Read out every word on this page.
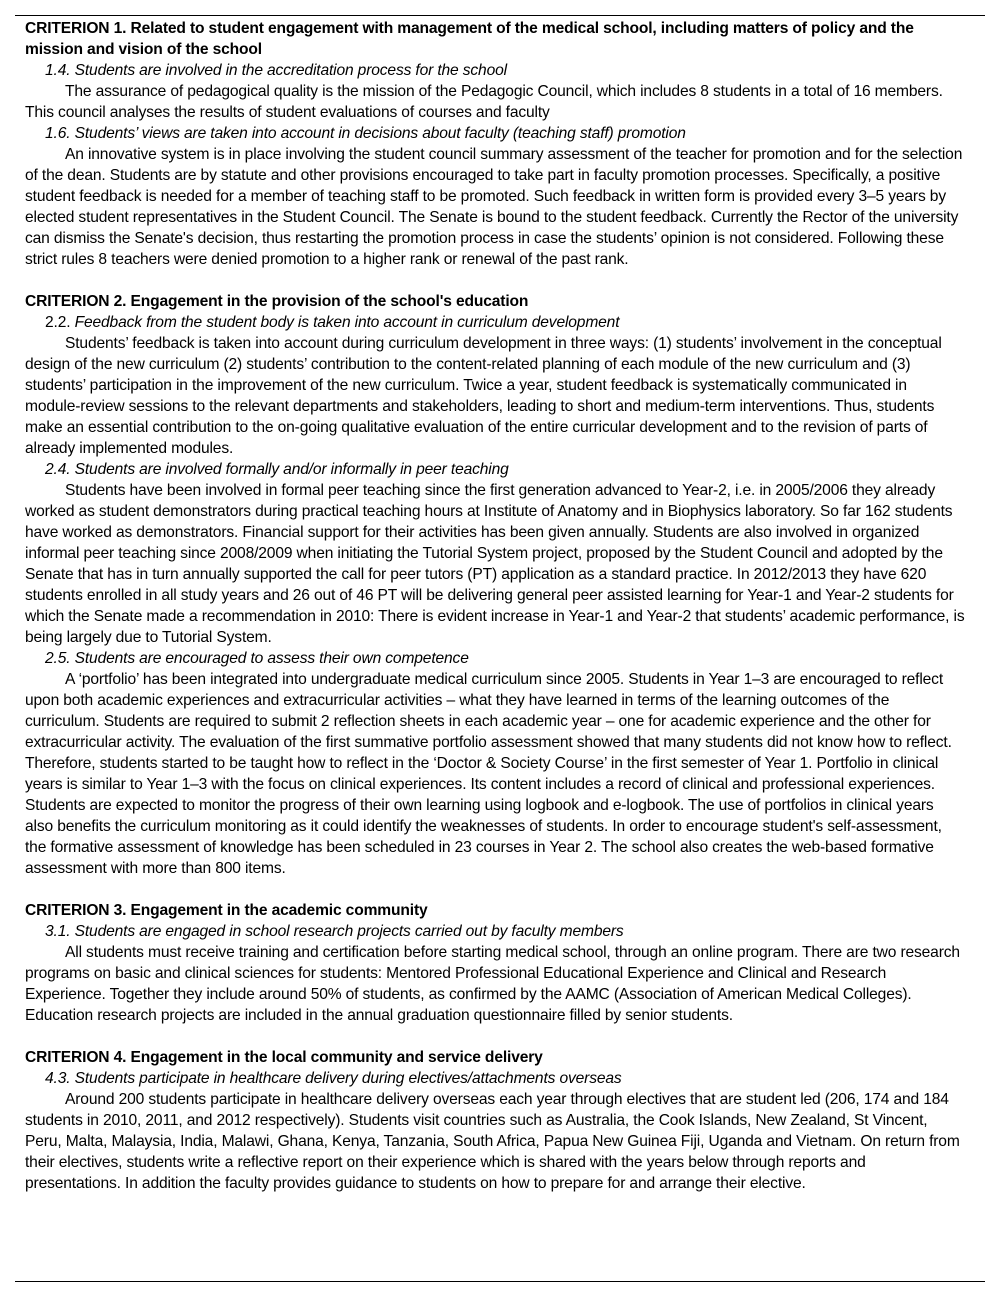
CRITERION 1. Related to student engagement with management of the medical school, including matters of policy and the mission and vision of the school

1.4. Students are involved in the accreditation process for the school

The assurance of pedagogical quality is the mission of the Pedagogic Council, which includes 8 students in a total of 16 members. This council analyses the results of student evaluations of courses and faculty

1.6. Students’ views are taken into account in decisions about faculty (teaching staff) promotion

An innovative system is in place involving the student council summary assessment of the teacher for promotion and for the selection of the dean. Students are by statute and other provisions encouraged to take part in faculty promotion processes. Specifically, a positive student feedback is needed for a member of teaching staff to be promoted. Such feedback in written form is provided every 3–5 years by elected student representatives in the Student Council. The Senate is bound to the student feedback. Currently the Rector of the university can dismiss the Senate's decision, thus restarting the promotion process in case the students’ opinion is not considered. Following these strict rules 8 teachers were denied promotion to a higher rank or renewal of the past rank.

CRITERION 2. Engagement in the provision of the school's education

2.2. Feedback from the student body is taken into account in curriculum development

Students’ feedback is taken into account during curriculum development in three ways: (1) students’ involvement in the conceptual design of the new curriculum (2) students’ contribution to the content-related planning of each module of the new curriculum and (3) students’ participation in the improvement of the new curriculum. Twice a year, student feedback is systematically communicated in module-review sessions to the relevant departments and stakeholders, leading to short and medium-term interventions. Thus, students make an essential contribution to the on-going qualitative evaluation of the entire curricular development and to the revision of parts of already implemented modules.

2.4. Students are involved formally and/or informally in peer teaching

Students have been involved in formal peer teaching since the first generation advanced to Year-2, i.e. in 2005/2006 they already worked as student demonstrators during practical teaching hours at Institute of Anatomy and in Biophysics laboratory. So far 162 students have worked as demonstrators. Financial support for their activities has been given annually. Students are also involved in organized informal peer teaching since 2008/2009 when initiating the Tutorial System project, proposed by the Student Council and adopted by the Senate that has in turn annually supported the call for peer tutors (PT) application as a standard practice. In 2012/2013 they have 620 students enrolled in all study years and 26 out of 46 PT will be delivering general peer assisted learning for Year-1 and Year-2 students for which the Senate made a recommendation in 2010: There is evident increase in Year-1 and Year-2 that students’ academic performance, is being largely due to Tutorial System.

2.5. Students are encouraged to assess their own competence

A ‘portfolio’ has been integrated into undergraduate medical curriculum since 2005. Students in Year 1–3 are encouraged to reflect upon both academic experiences and extracurricular activities – what they have learned in terms of the learning outcomes of the curriculum. Students are required to submit 2 reflection sheets in each academic year – one for academic experience and the other for extracurricular activity. The evaluation of the first summative portfolio assessment showed that many students did not know how to reflect. Therefore, students started to be taught how to reflect in the ‘Doctor & Society Course’ in the first semester of Year 1. Portfolio in clinical years is similar to Year 1–3 with the focus on clinical experiences. Its content includes a record of clinical and professional experiences. Students are expected to monitor the progress of their own learning using logbook and e-logbook. The use of portfolios in clinical years also benefits the curriculum monitoring as it could identify the weaknesses of students. In order to encourage student's self-assessment, the formative assessment of knowledge has been scheduled in 23 courses in Year 2. The school also creates the web-based formative assessment with more than 800 items.

CRITERION 3. Engagement in the academic community

3.1. Students are engaged in school research projects carried out by faculty members

All students must receive training and certification before starting medical school, through an online program. There are two research programs on basic and clinical sciences for students: Mentored Professional Educational Experience and Clinical and Research Experience. Together they include around 50% of students, as confirmed by the AAMC (Association of American Medical Colleges). Education research projects are included in the annual graduation questionnaire filled by senior students.

CRITERION 4. Engagement in the local community and service delivery

4.3. Students participate in healthcare delivery during electives/attachments overseas

Around 200 students participate in healthcare delivery overseas each year through electives that are student led (206, 174 and 184 students in 2010, 2011, and 2012 respectively). Students visit countries such as Australia, the Cook Islands, New Zealand, St Vincent, Peru, Malta, Malaysia, India, Malawi, Ghana, Kenya, Tanzania, South Africa, Papua New Guinea Fiji, Uganda and Vietnam. On return from their electives, students write a reflective report on their experience which is shared with the years below through reports and presentations. In addition the faculty provides guidance to students on how to prepare for and arrange their elective.
